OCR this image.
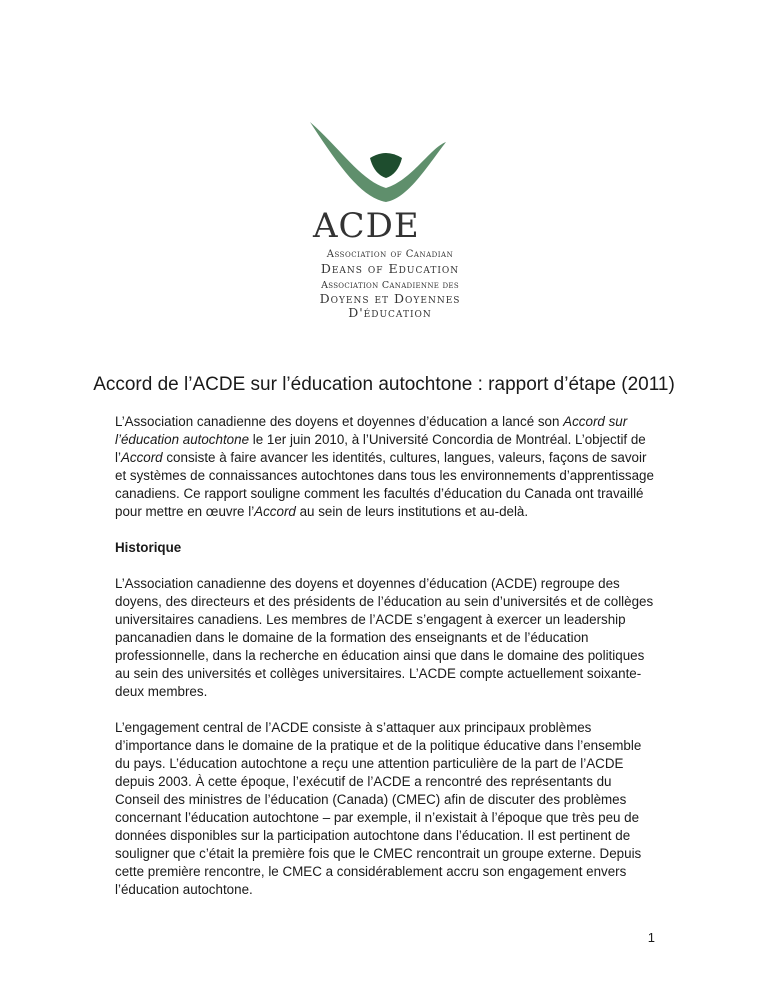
ACDE
Association of Canadian
Deans of Education
Association Canadienne des
Doyens et Doyennes
D'éducation
Accord de l’ACDE sur l’éducation autochtone : rapport d’étape (2011)

L’Association canadienne des doyens et doyennes d’éducation a lancé son Accord sur l’éducation autochtone le 1er juin 2010, à l’Université Concordia de Montréal. L’objectif de l’Accord consiste à faire avancer les identités, cultures, langues, valeurs, façons de savoir et systèmes de connaissances autochtones dans tous les environnements d’apprentissage canadiens. Ce rapport souligne comment les facultés d’éducation du Canada ont travaillé pour mettre en œuvre l’Accord au sein de leurs institutions et au-delà.

Historique

L’Association canadienne des doyens et doyennes d’éducation (ACDE) regroupe des doyens, des directeurs et des présidents de l’éducation au sein d’universités et de collèges universitaires canadiens. Les membres de l’ACDE s’engagent à exercer un leadership pancanadien dans le domaine de la formation des enseignants et de l’éducation professionnelle, dans la recherche en éducation ainsi que dans le domaine des politiques au sein des universités et collèges universitaires. L’ACDE compte actuellement soixante-deux membres.

L’engagement central de l’ACDE consiste à s’attaquer aux principaux problèmes d’importance dans le domaine de la pratique et de la politique éducative dans l’ensemble du pays. L’éducation autochtone a reçu une attention particulière de la part de l’ACDE depuis 2003. À cette époque, l’exécutif de l’ACDE a rencontré des représentants du Conseil des ministres de l’éducation (Canada) (CMEC) afin de discuter des problèmes concernant l’éducation autochtone – par exemple, il n’existait à l’époque que très peu de données disponibles sur la participation autochtone dans l’éducation. Il est pertinent de souligner que c’était la première fois que le CMEC rencontrait un groupe externe. Depuis cette première rencontre, le CMEC a considérablement accru son engagement envers l’éducation autochtone.

1
